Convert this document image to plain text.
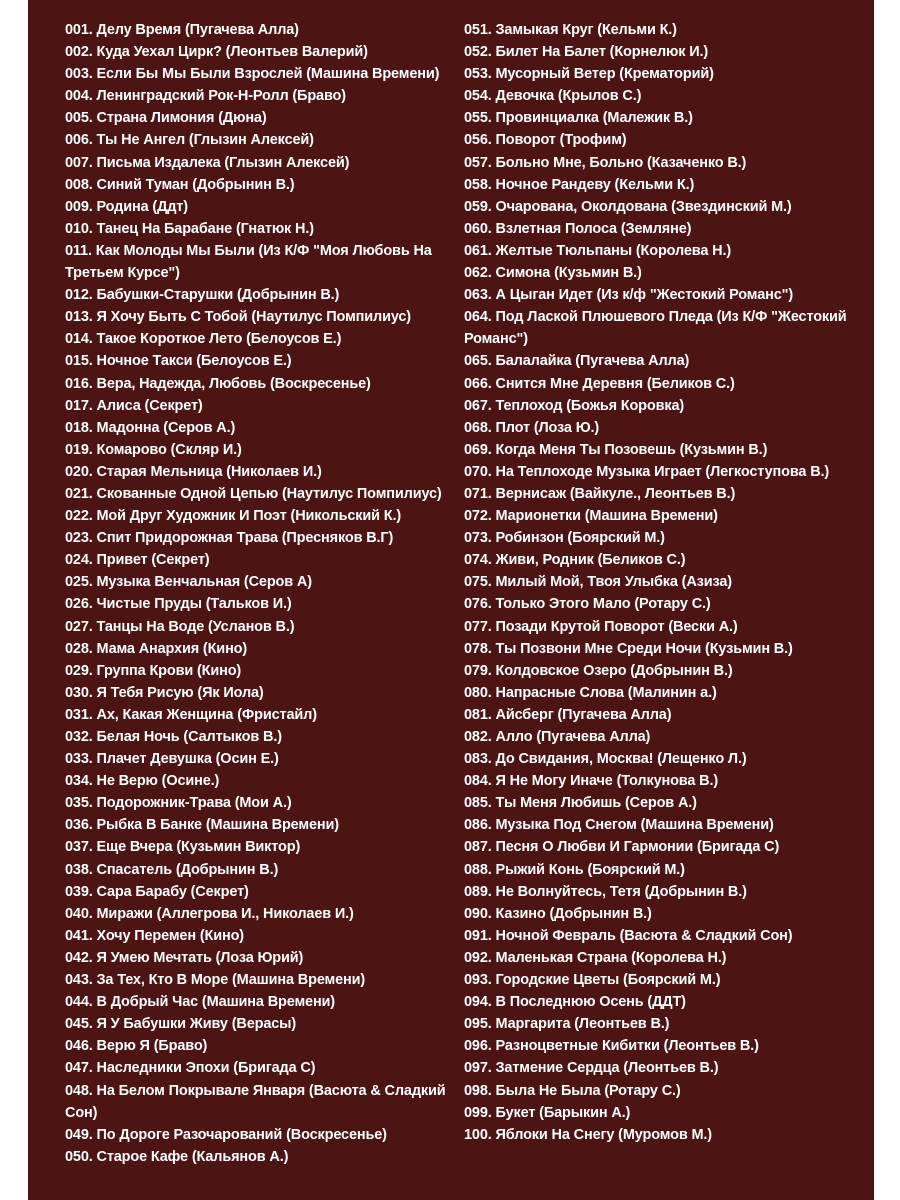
001. Делу Время (Пугачева Алла)
002. Куда Уехал Цирк? (Леонтьев Валерий)
003. Если Бы Мы Были Взрослей (Машина Времени)
004. Ленинградский Рок-Н-Ролл (Браво)
005. Страна Лимония (Дюна)
006. Ты Не Ангел (Глызин Алексей)
007. Письма Издалека (Глызин Алексей)
008. Синий Туман (Добрынин В.)
009. Родина (Ддт)
010. Танец На Барабане (Гнатюк Н.)
011. Как Молоды Мы Были (Из К/Ф "Моя Любовь На Третьем Курсе")
012. Бабушки-Старушки (Добрынин В.)
013. Я Хочу Быть С Тобой (Наутилус Помпилиус)
014. Такое Короткое Лето (Белоусов Е.)
015. Ночное Такси (Белоусов Е.)
016. Вера, Надежда, Любовь (Воскресенье)
017. Алиса (Секрет)
018. Мадонна (Серов А.)
019. Комарово (Скляр И.)
020. Старая Мельница (Николаев И.)
021. Скованные Одной Цепью (Наутилус Помпилиус)
022. Мой Друг Художник И Поэт (Никольский К.)
023. Спит Придорожная Трава (Пресняков В.Г)
024. Привет (Секрет)
025. Музыка Венчальная (Серов А)
026. Чистые Пруды (Тальков И.)
027. Танцы На Воде (Усланов В.)
028. Мама Анархия (Кино)
029. Группа Крови (Кино)
030. Я Тебя Рисую (Як Иола)
031. Ах, Какая Женщина (Фристайл)
032. Белая Ночь (Салтыков В.)
033. Плачет Девушка (Осин Е.)
034. Не Верю (Осине.)
035. Подорожник-Трава (Мои А.)
036. Рыбка В Банке (Машина Времени)
037. Еще Вчера (Кузьмин Виктор)
038. Спасатель (Добрынин В.)
039. Сара Барабу (Секрет)
040. Миражи (Аллегрова И., Николаев И.)
041. Хочу Перемен (Кино)
042. Я Умею Мечтать (Лоза Юрий)
043. За Тех, Кто В Море (Машина Времени)
044. В Добрый Час (Машина Времени)
045. Я У Бабушки Живу (Верасы)
046. Верю Я (Браво)
047. Наследники Эпохи (Бригада С)
048. На Белом Покрывале Января (Васюта & Сладкий Сон)
049. По Дороге Разочарований (Воскресенье)
050. Старое Кафе (Кальянов А.)
051. Замыкая Круг (Кельми К.)
052. Билет На Балет (Корнелюк И.)
053. Мусорный Ветер (Крематорий)
054. Девочка (Крылов С.)
055. Провинциалка (Малежик В.)
056. Поворот (Трофим)
057. Больно Мне, Больно (Казаченко В.)
058. Ночное Рандеву (Кельми К.)
059. Очарована, Околдована (Звездинский М.)
060. Взлетная Полоса (Земляне)
061. Желтые Тюльпаны (Королева Н.)
062. Симона (Кузьмин В.)
063. А Цыган Идет (Из к/ф "Жестокий Романс")
064. Под Лаской Плюшевого Пледа (Из К/Ф "Жестокий Романс")
065. Балалайка (Пугачева Алла)
066. Снится Мне Деревня (Беликов С.)
067. Теплоход (Божья Коровка)
068. Плот (Лоза Ю.)
069. Когда Меня Ты Позовешь (Кузьмин В.)
070. На Теплоходе Музыка Играет (Легкоступова В.)
071. Вернисаж (Вайкуле., Леонтьев В.)
072. Марионетки (Машина Времени)
073. Робинзон (Боярский М.)
074. Живи, Родник (Беликов С.)
075. Милый Мой, Твоя Улыбка (Азиза)
076. Только Этого Мало (Ротару С.)
077. Позади Крутой Поворот (Вески А.)
078. Ты Позвони Мне Среди Ночи (Кузьмин В.)
079. Колдовское Озеро (Добрынин В.)
080. Напрасные Слова (Малинин а.)
081. Айсберг (Пугачева Алла)
082. Алло (Пугачева Алла)
083. До Свидания, Москва! (Лещенко Л.)
084. Я Не Могу Иначе (Толкунова В.)
085. Ты Меня Любишь (Серов А.)
086. Музыка Под Снегом (Машина Времени)
087. Песня О Любви И Гармонии (Бригада С)
088. Рыжий Конь (Боярский М.)
089. Не Волнуйтесь, Тетя (Добрынин В.)
090. Казино (Добрынин В.)
091. Ночной Февраль (Васюта & Сладкий Сон)
092. Маленькая Страна (Королева Н.)
093. Городские Цветы (Боярский М.)
094. В Последнюю Осень (ДДТ)
095. Маргарита (Леонтьев В.)
096. Разноцветные Кибитки (Леонтьев В.)
097. Затмение Сердца (Леонтьев В.)
098. Была Не Была (Ротару С.)
099. Букет (Барыкин А.)
100. Яблоки На Снегу (Муромов М.)
